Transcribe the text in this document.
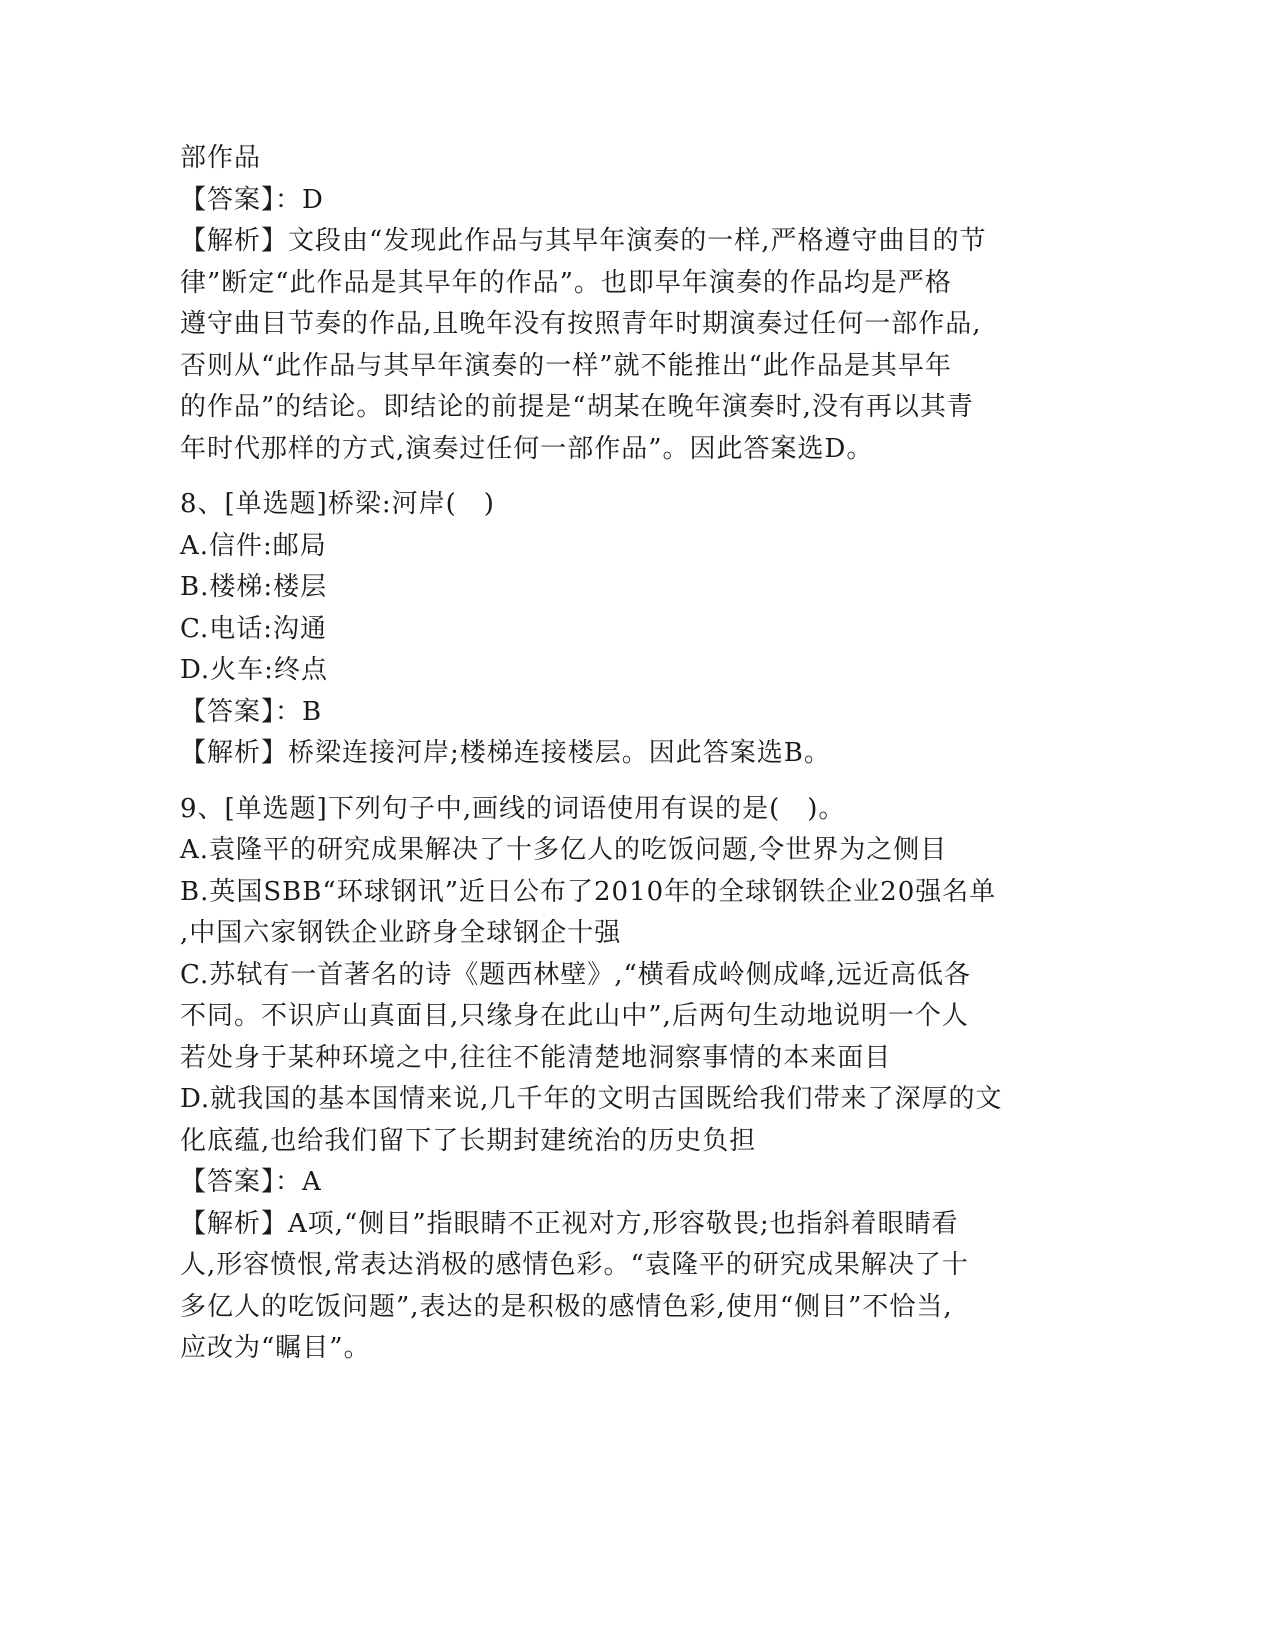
部作品
【答案】：D
【解析】文段由“发现此作品与其早年演奏的一样,严格遵守曲目的节
律”断定“此作品是其早年的作品”。也即早年演奏的作品均是严格
遵守曲目节奏的作品,且晚年没有按照青年时期演奏过任何一部作品,
否则从“此作品与其早年演奏的一样”就不能推出“此作品是其早年
的作品”的结论。即结论的前提是“胡某在晚年演奏时,没有再以其青
年时代那样的方式,演奏过任何一部作品”。因此答案选D。
8、[单选题]桥梁:河岸(　)
A.信件:邮局
B.楼梯:楼层
C.电话:沟通
D.火车:终点
【答案】：B
【解析】桥梁连接河岸;楼梯连接楼层。因此答案选B。
9、[单选题]下列句子中,画线的词语使用有误的是(　)。
A.袁隆平的研究成果解决了十多亿人的吃饭问题,令世界为之侧目
B.英国SBB“环球钢讯”近日公布了2010年的全球钢铁企业20强名单
,中国六家钢铁企业跻身全球钢企十强
C.苏轼有一首著名的诗《题西林壁》,“横看成岭侧成峰,远近高低各
不同。不识庐山真面目,只缘身在此山中”,后两句生动地说明一个人
若处身于某种环境之中,往往不能清楚地洞察事情的本来面目
D.就我国的基本国情来说,几千年的文明古国既给我们带来了深厚的文
化底蕴,也给我们留下了长期封建统治的历史负担
【答案】：A
【解析】A项,“侧目”指眼睛不正视对方,形容敬畏;也指斜着眼睛看
人,形容愤恨,常表达消极的感情色彩。“袁隆平的研究成果解决了十
多亿人的吃饭问题”,表达的是积极的感情色彩,使用“侧目”不恰当,
应改为“瞩目”。
